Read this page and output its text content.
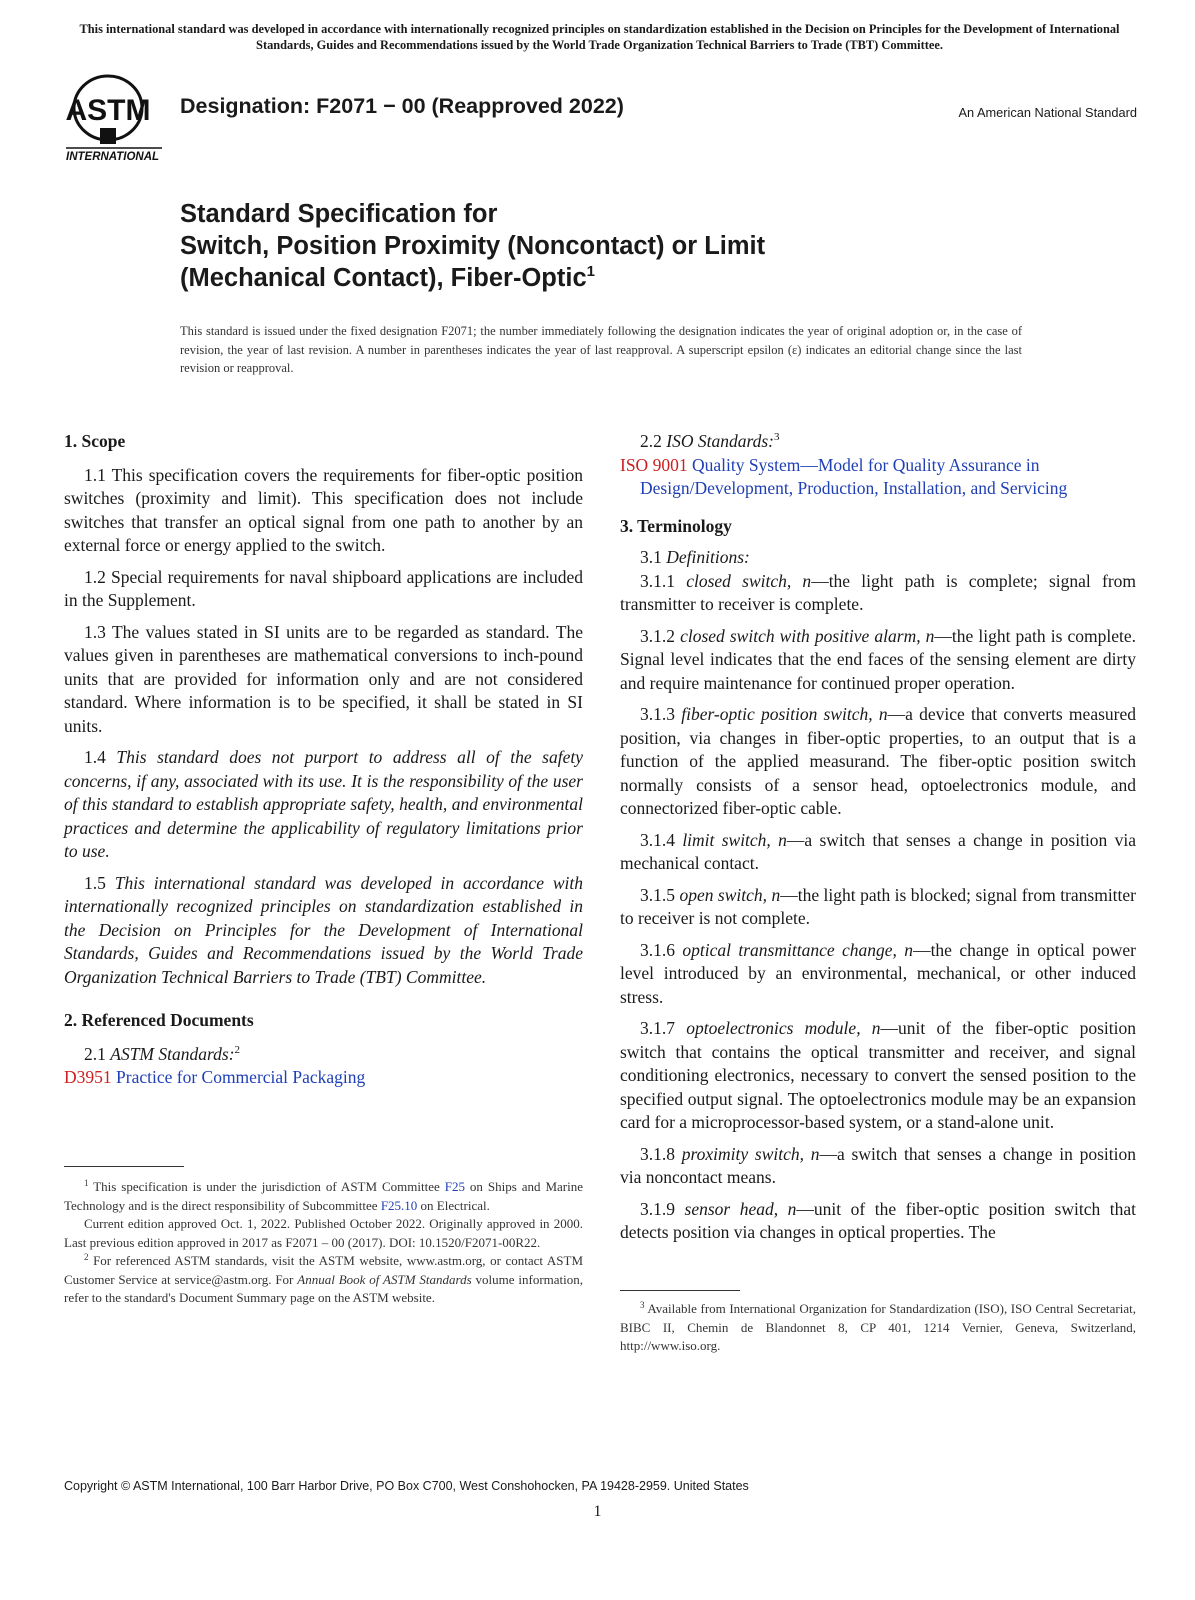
This international standard was developed in accordance with internationally recognized principles on standardization established in the Decision on Principles for the Development of International Standards, Guides and Recommendations issued by the World Trade Organization Technical Barriers to Trade (TBT) Committee.
ASTM
INTERNATIONAL
Designation: F2071 − 00 (Reapproved 2022)	An American National Standard
Standard Specification for
Switch, Position Proximity (Noncontact) or Limit
(Mechanical Contact), Fiber-Optic$^1$
This standard is issued under the fixed designation F2071; the number immediately following the designation indicates the year of original adoption or, in the case of revision, the year of last revision. A number in parentheses indicates the year of last reapproval. A superscript epsilon (ε) indicates an editorial change since the last revision or reapproval.
1. Scope

1.1 This specification covers the requirements for fiber-optic position switches (proximity and limit). This specification does not include switches that transfer an optical signal from one path to another by an external force or energy applied to the switch.

1.2 Special requirements for naval shipboard applications are included in the Supplement.

1.3 The values stated in SI units are to be regarded as standard. The values given in parentheses are mathematical conversions to inch-pound units that are provided for information only and are not considered standard. Where information is to be specified, it shall be stated in SI units.

1.4 This standard does not purport to address all of the safety concerns, if any, associated with its use. It is the responsibility of the user of this standard to establish appropriate safety, health, and environmental practices and determine the applicability of regulatory limitations prior to use.

1.5 This international standard was developed in accordance with internationally recognized principles on standardization established in the Decision on Principles for the Development of International Standards, Guides and Recommendations issued by the World Trade Organization Technical Barriers to Trade (TBT) Committee.

2. Referenced Documents

2.1 ASTM Standards:$^2$

D3951 Practice for Commercial Packaging

$^1$ This specification is under the jurisdiction of ASTM Committee F25 on Ships and Marine Technology and is the direct responsibility of Subcommittee F25.10 on Electrical.

Current edition approved Oct. 1, 2022. Published October 2022. Originally approved in 2000. Last previous edition approved in 2017 as F2071 – 00 (2017). DOI: 10.1520/F2071-00R22.

$^2$ For referenced ASTM standards, visit the ASTM website, www.astm.org, or contact ASTM Customer Service at service@astm.org. For Annual Book of ASTM Standards volume information, refer to the standard's Document Summary page on the ASTM website.

2.2 ISO Standards:$^3$

ISO 9001 Quality System—Model for Quality Assurance in Design/Development, Production, Installation, and Servicing
3. Terminology

3.1 Definitions:

3.1.1 closed switch, n—the light path is complete; signal from transmitter to receiver is complete.

3.1.2 closed switch with positive alarm, n—the light path is complete. Signal level indicates that the end faces of the sensing element are dirty and require maintenance for continued proper operation.

3.1.3 fiber-optic position switch, n—a device that converts measured position, via changes in fiber-optic properties, to an output that is a function of the applied measurand. The fiber-optic position switch normally consists of a sensor head, optoelectronics module, and connectorized fiber-optic cable.

3.1.4 limit switch, n—a switch that senses a change in position via mechanical contact.

3.1.5 open switch, n—the light path is blocked; signal from transmitter to receiver is not complete.

3.1.6 optical transmittance change, n—the change in optical power level introduced by an environmental, mechanical, or other induced stress.

3.1.7 optoelectronics module, n—unit of the fiber-optic position switch that contains the optical transmitter and receiver, and signal conditioning electronics, necessary to convert the sensed position to the specified output signal. The optoelectronics module may be an expansion card for a microprocessor-based system, or a stand-alone unit.

3.1.8 proximity switch, n—a switch that senses a change in position via noncontact means.

3.1.9 sensor head, n—unit of the fiber-optic position switch that detects position via changes in optical properties. The

$^3$ Available from International Organization for Standardization (ISO), ISO Central Secretariat, BIBC II, Chemin de Blandonnet 8, CP 401, 1214 Vernier, Geneva, Switzerland, http://www.iso.org.

Copyright © ASTM International, 100 Barr Harbor Drive, PO Box C700, West Conshohocken, PA 19428-2959. United States
1
